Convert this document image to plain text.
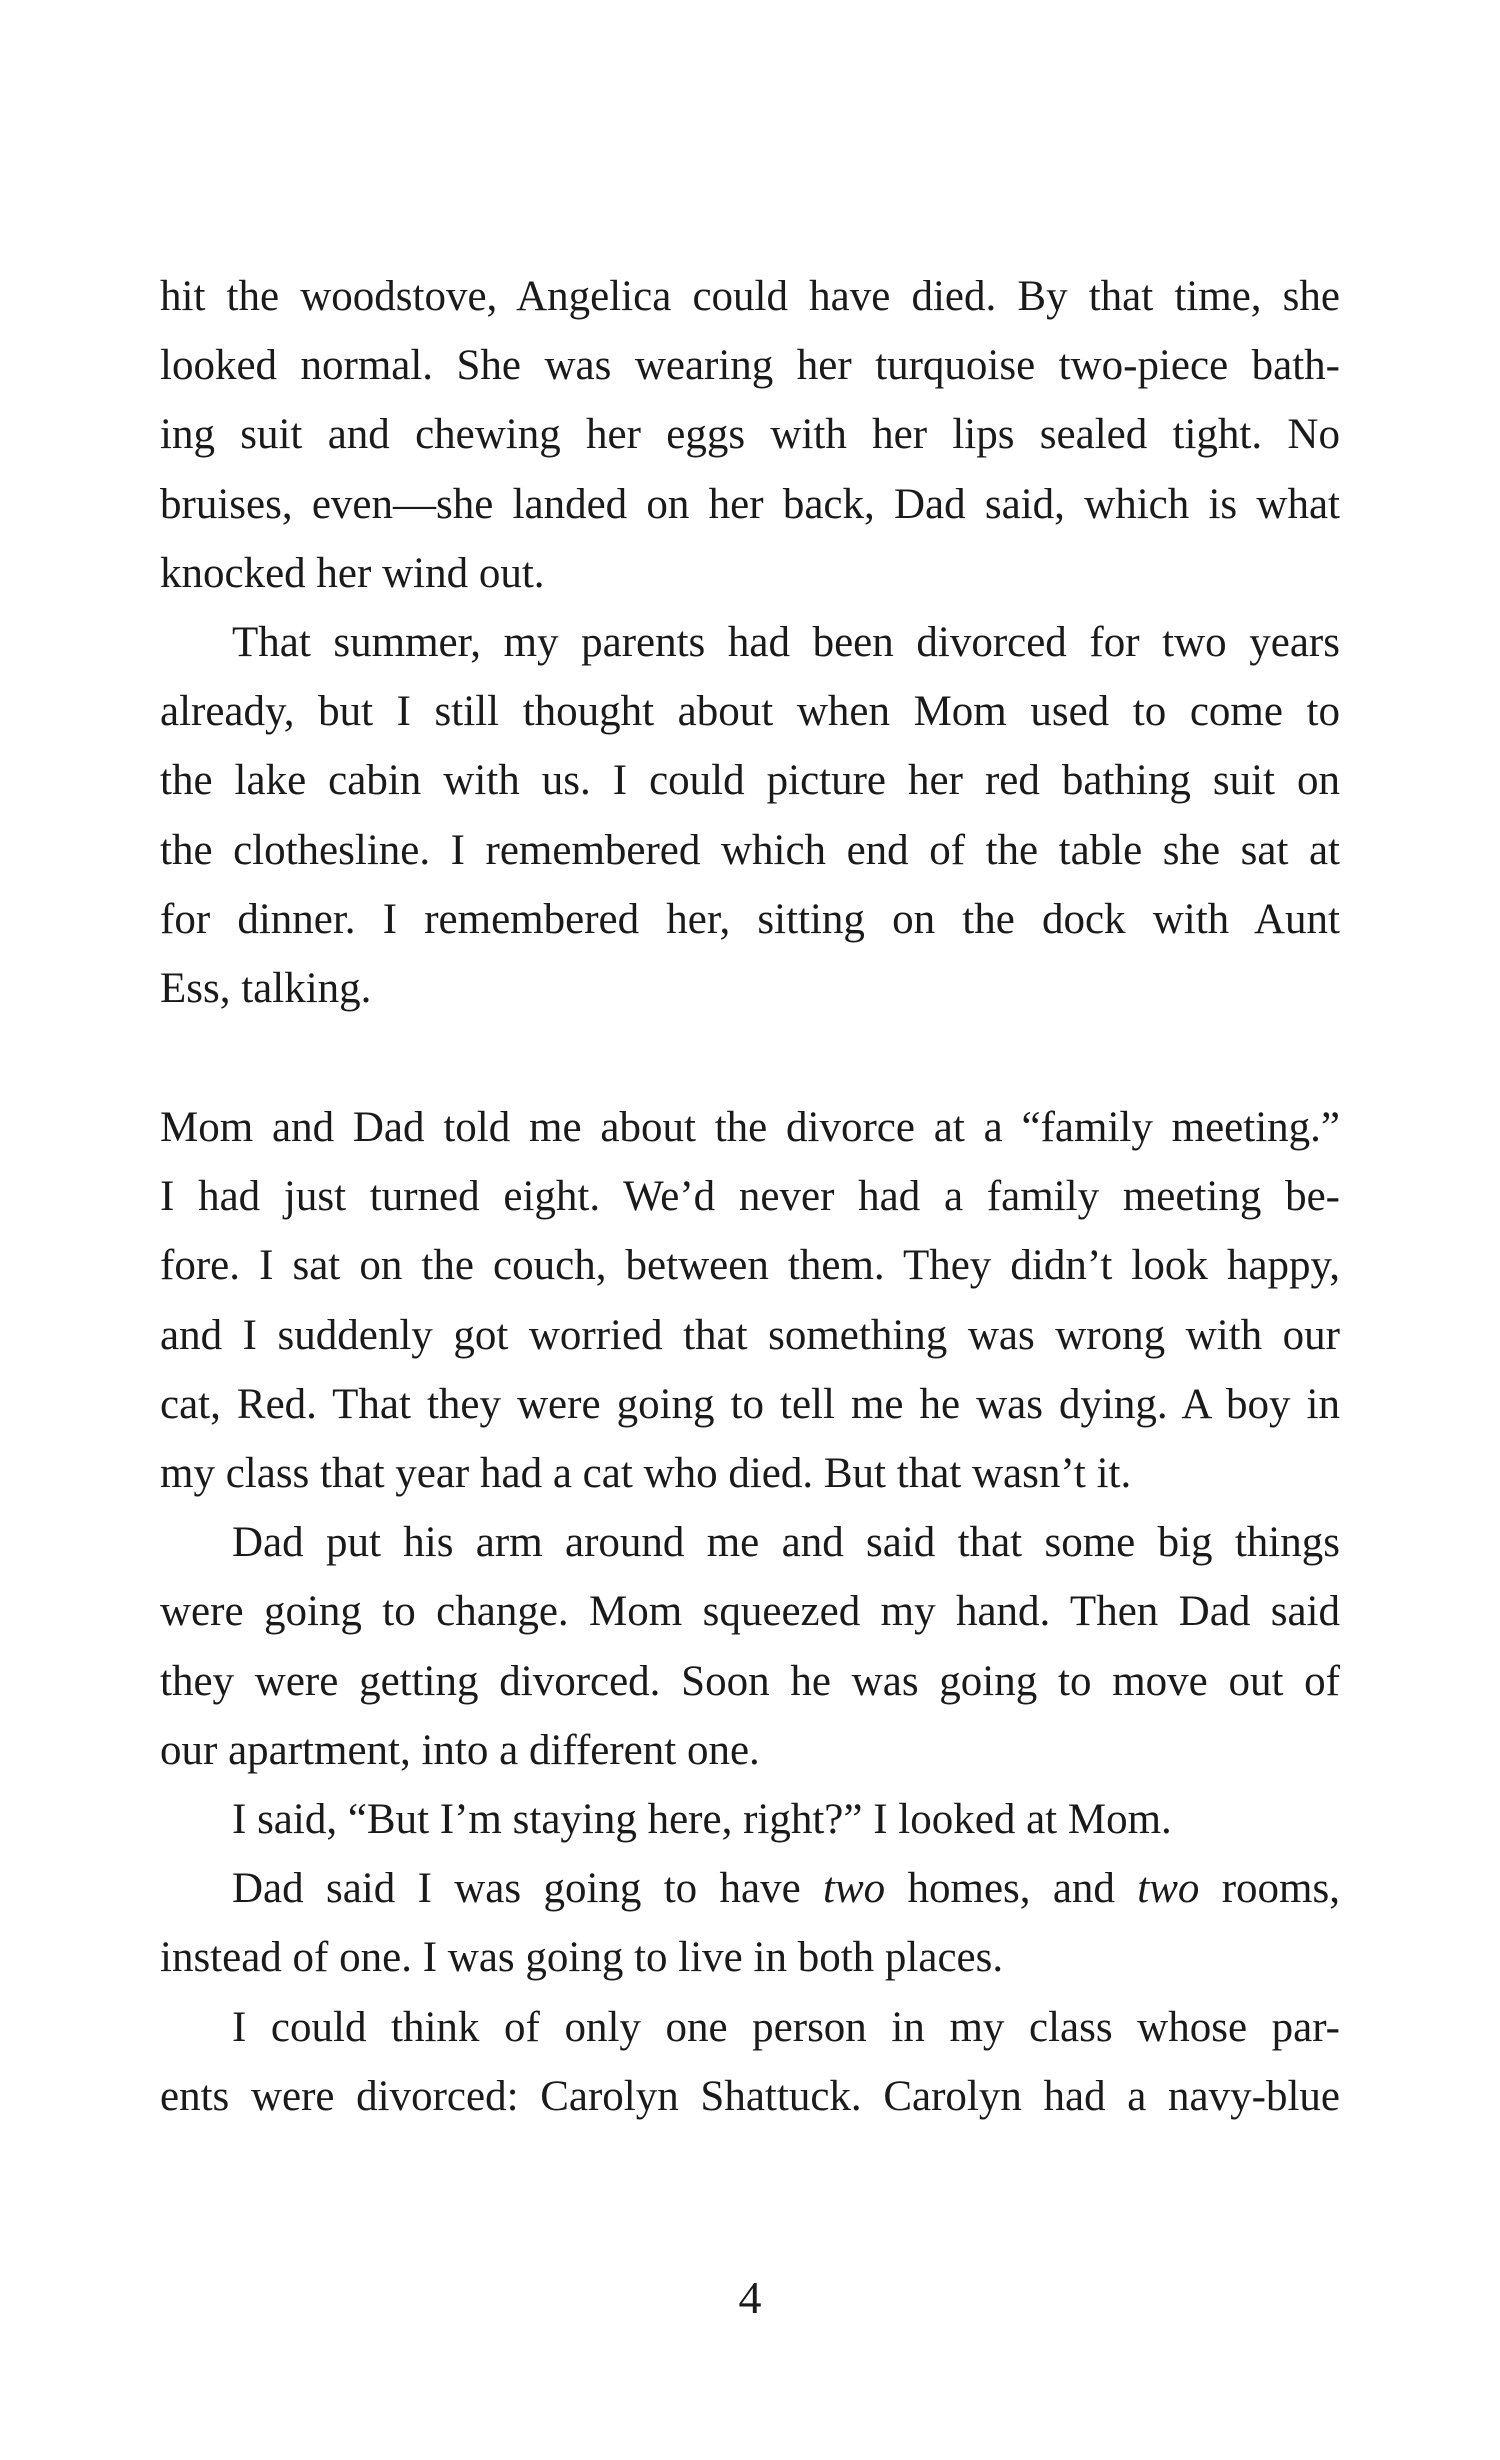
hit the woodstove, Angelica could have died. By that time, she
looked normal. She was wearing her turquoise two-piece bath-
ing suit and chewing her eggs with her lips sealed tight. No
bruises, even—she landed on her back, Dad said, which is what
knocked her wind out.
That summer, my parents had been divorced for two years
already, but I still thought about when Mom used to come to
the lake cabin with us. I could picture her red bathing suit on
the clothesline. I remembered which end of the table she sat at
for dinner. I remembered her, sitting on the dock with Aunt
Ess, talking.
Mom and Dad told me about the divorce at a “family meeting.”
I had just turned eight. We’d never had a family meeting be-
fore. I sat on the couch, between them. They didn’t look happy,
and I suddenly got worried that something was wrong with our
cat, Red. That they were going to tell me he was dying. A boy in
my class that year had a cat who died. But that wasn’t it.
Dad put his arm around me and said that some big things
were going to change. Mom squeezed my hand. Then Dad said
they were getting divorced. Soon he was going to move out of
our apartment, into a different one.
I said, “But I’m staying here, right?” I looked at Mom.
Dad said I was going to have two homes, and two rooms,
instead of one. I was going to live in both places.
I could think of only one person in my class whose par-
ents were divorced: Carolyn Shattuck. Carolyn had a navy-blue
4
